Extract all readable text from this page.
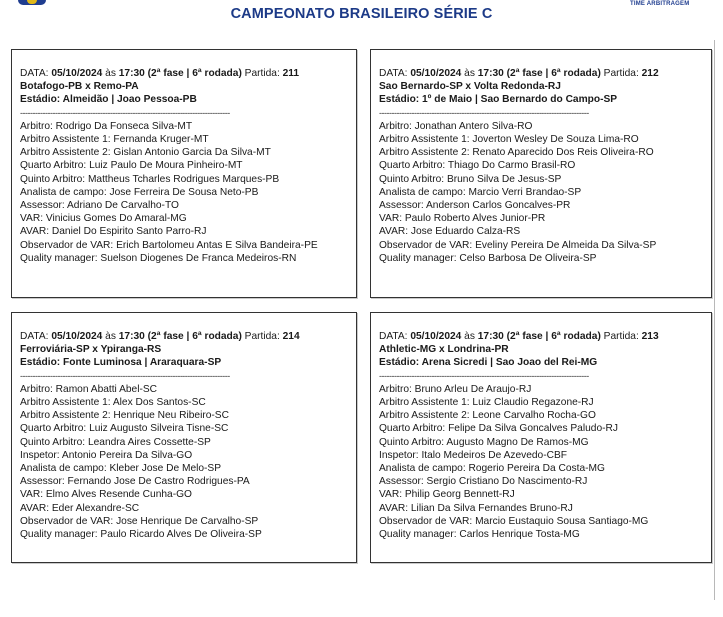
TIME ARBITRAGEM
CAMPEONATO BRASILEIRO SÉRIE C
DATA: 05/10/2024 às 17:30 (2ª fase | 6ª rodada) Partida: 211
Botafogo-PB x Remo-PA
Estádio: Almeidão | Joao Pessoa-PB
------------------------------------------------------------------------------------
Arbitro: Rodrigo Da Fonseca Silva-MT
Arbitro Assistente 1: Fernanda Kruger-MT
Arbitro Assistente 2: Gislan Antonio Garcia Da Silva-MT
Quarto Arbitro: Luiz Paulo De Moura Pinheiro-MT
Quinto Arbitro: Mattheus Tcharles Rodrigues Marques-PB
Analista de campo: Jose Ferreira De Sousa Neto-PB
Assessor: Adriano De Carvalho-TO
VAR: Vinicius Gomes Do Amaral-MG
AVAR: Daniel Do Espirito Santo Parro-RJ
Observador de VAR: Erich Bartolomeu Antas E Silva Bandeira-PE
Quality manager: Suelson Diogenes De Franca Medeiros-RN
DATA: 05/10/2024 às 17:30 (2ª fase | 6ª rodada) Partida: 212
Sao Bernardo-SP x Volta Redonda-RJ
Estádio: 1º de Maio | Sao Bernardo do Campo-SP
------------------------------------------------------------------------------------
Arbitro: Jonathan Antero Silva-RO
Arbitro Assistente 1: Joverton Wesley De Souza Lima-RO
Arbitro Assistente 2: Renato Aparecido Dos Reis Oliveira-RO
Quarto Arbitro: Thiago Do Carmo Brasil-RO
Quinto Arbitro: Bruno Silva De Jesus-SP
Analista de campo: Marcio Verri Brandao-SP
Assessor: Anderson Carlos Goncalves-PR
VAR: Paulo Roberto Alves Junior-PR
AVAR: Jose Eduardo Calza-RS
Observador de VAR: Eveliny Pereira De Almeida Da Silva-SP
Quality manager: Celso Barbosa De Oliveira-SP
DATA: 05/10/2024 às 17:30 (2ª fase | 6ª rodada) Partida: 214
Ferroviária-SP x Ypiranga-RS
Estádio: Fonte Luminosa | Araraquara-SP
------------------------------------------------------------------------------------
Arbitro: Ramon Abatti Abel-SC
Arbitro Assistente 1: Alex Dos Santos-SC
Arbitro Assistente 2: Henrique Neu Ribeiro-SC
Quarto Arbitro: Luiz Augusto Silveira Tisne-SC
Quinto Arbitro: Leandra Aires Cossette-SP
Inspetor: Antonio Pereira Da Silva-GO
Analista de campo: Kleber Jose De Melo-SP
Assessor: Fernando Jose De Castro Rodrigues-PA
VAR: Elmo Alves Resende Cunha-GO
AVAR: Eder Alexandre-SC
Observador de VAR: Jose Henrique De Carvalho-SP
Quality manager: Paulo Ricardo Alves De Oliveira-SP
DATA: 05/10/2024 às 17:30 (2ª fase | 6ª rodada) Partida: 213
Athletic-MG x Londrina-PR
Estádio: Arena Sicredi | Sao Joao del Rei-MG
------------------------------------------------------------------------------------
Arbitro: Bruno Arleu De Araujo-RJ
Arbitro Assistente 1: Luiz Claudio Regazone-RJ
Arbitro Assistente 2: Leone Carvalho Rocha-GO
Quarto Arbitro: Felipe Da Silva Goncalves Paludo-RJ
Quinto Arbitro: Augusto Magno De Ramos-MG
Inspetor: Italo Medeiros De Azevedo-CBF
Analista de campo: Rogerio Pereira Da Costa-MG
Assessor: Sergio Cristiano Do Nascimento-RJ
VAR: Philip Georg Bennett-RJ
AVAR: Lilian Da Silva Fernandes Bruno-RJ
Observador de VAR: Marcio Eustaquio Sousa Santiago-MG
Quality manager: Carlos Henrique Tosta-MG
